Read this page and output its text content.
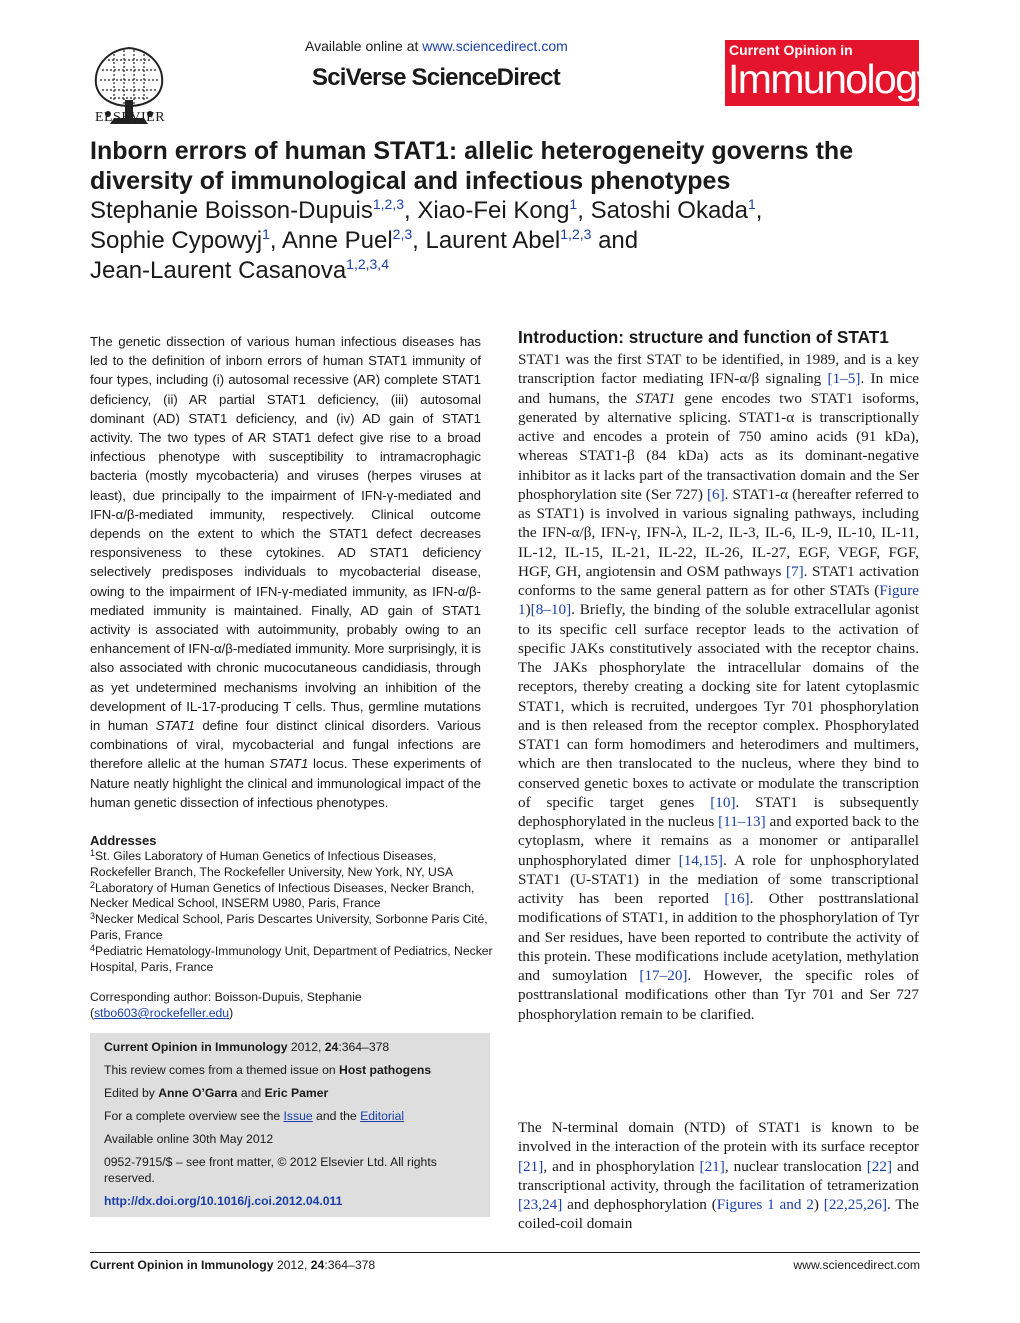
ELSEVIER
Available online at www.sciencedirect.com
SciVerse ScienceDirect
Current Opinion in
Immunology
Inborn errors of human STAT1: allelic heterogeneity governs the diversity of immunological and infectious phenotypes
Stephanie Boisson-Dupuis$^{1,2,3}$, Xiao-Fei Kong$^1$, Satoshi Okada$^1$,
Sophie Cypowyj$^1$, Anne Puel$^{2,3}$, Laurent Abel$^{1,2,3}$ and
Jean-Laurent Casanova$^{1,2,3,4}$

The genetic dissection of various human infectious diseases has led to the definition of inborn errors of human STAT1 immunity of four types, including (i) autosomal recessive (AR) complete STAT1 deficiency, (ii) AR partial STAT1 deficiency, (iii) autosomal dominant (AD) STAT1 deficiency, and (iv) AD gain of STAT1 activity. The two types of AR STAT1 defect give rise to a broad infectious phenotype with susceptibility to intramacrophagic bacteria (mostly mycobacteria) and viruses (herpes viruses at least), due principally to the impairment of IFN-γ-mediated and IFN-α/β-mediated immunity, respectively. Clinical outcome depends on the extent to which the STAT1 defect decreases responsiveness to these cytokines. AD STAT1 deficiency selectively predisposes individuals to mycobacterial disease, owing to the impairment of IFN-γ-mediated immunity, as IFN-α/β-mediated immunity is maintained. Finally, AD gain of STAT1 activity is associated with autoimmunity, probably owing to an enhancement of IFN-α/β-mediated immunity. More surprisingly, it is also associated with chronic mucocutaneous candidiasis, through as yet undetermined mechanisms involving an inhibition of the development of IL-17-producing T cells. Thus, germline mutations in human STAT1 define four distinct clinical disorders. Various combinations of viral, mycobacterial and fungal infections are therefore allelic at the human STAT1 locus. These experiments of Nature neatly highlight the clinical and immunological impact of the human genetic dissection of infectious phenotypes.

Addresses

$^1$St. Giles Laboratory of Human Genetics of Infectious Diseases, Rockefeller Branch, The Rockefeller University, New York, NY, USA

$^2$Laboratory of Human Genetics of Infectious Diseases, Necker Branch, Necker Medical School, INSERM U980, Paris, France

$^3$Necker Medical School, Paris Descartes University, Sorbonne Paris Cité, Paris, France

$^4$Pediatric Hematology-Immunology Unit, Department of Pediatrics, Necker Hospital, Paris, France

Corresponding author: Boisson-Dupuis, Stephanie
(stbo603@rockefeller.edu)
Current Opinion in Immunology 2012, 24:364–378
This review comes from a themed issue on Host pathogens
Edited by Anne O’Garra and Eric Pamer
For a complete overview see the Issue and the Editorial
Available online 30th May 2012
0952-7915/$ – see front matter, © 2012 Elsevier Ltd. All rights
reserved.
http://dx.doi.org/10.1016/j.coi.2012.04.011
Introduction: structure and function of STAT1

STAT1 was the first STAT to be identified, in 1989, and is a key transcription factor mediating IFN-α/β signaling [1–5]. In mice and humans, the STAT1 gene encodes two STAT1 isoforms, generated by alternative splicing. STAT1-α is transcriptionally active and encodes a protein of 750 amino acids (91 kDa), whereas STAT1-β (84 kDa) acts as its dominant-negative inhibitor as it lacks part of the transactivation domain and the Ser phosphorylation site (Ser 727) [6]. STAT1-α (hereafter referred to as STAT1) is involved in various signaling pathways, including the IFN-α/β, IFN-γ, IFN-λ, IL-2, IL-3, IL-6, IL-9, IL-10, IL-11, IL-12, IL-15, IL-21, IL-22, IL-26, IL-27, EGF, VEGF, FGF, HGF, GH, angiotensin and OSM pathways [7]. STAT1 activation conforms to the same general pattern as for other STATs (Figure 1)[8–10]. Briefly, the binding of the soluble extracellular agonist to its specific cell surface receptor leads to the activation of specific JAKs constitutively associated with the receptor chains. The JAKs phosphorylate the intracellular domains of the receptors, thereby creating a docking site for latent cytoplasmic STAT1, which is recruited, undergoes Tyr 701 phosphorylation and is then released from the receptor complex. Phosphorylated STAT1 can form homodimers and heterodimers and multimers, which are then translocated to the nucleus, where they bind to conserved genetic boxes to activate or modulate the transcription of specific target genes [10]. STAT1 is subsequently dephosphorylated in the nucleus [11–13] and exported back to the cytoplasm, where it remains as a monomer or antiparallel unphosphorylated dimer [14,15]. A role for unphosphorylated STAT1 (U-STAT1) in the mediation of some transcriptional activity has been reported [16]. Other posttranslational modifications of STAT1, in addition to the phosphorylation of Tyr and Ser residues, have been reported to contribute the activity of this protein. These modifications include acetylation, methylation and sumoylation [17–20]. However, the specific roles of posttranslational modifications other than Tyr 701 and Ser 727 phosphorylation remain to be clarified.

The N-terminal domain (NTD) of STAT1 is known to be involved in the interaction of the protein with its surface receptor [21], and in phosphorylation [21], nuclear translocation [22] and transcriptional activity, through the facilitation of tetramerization [23,24] and dephosphorylation (Figures 1 and 2) [22,25,26]. The coiled-coil domain

Current Opinion in Immunology 2012, 24:364–378	www.sciencedirect.com
